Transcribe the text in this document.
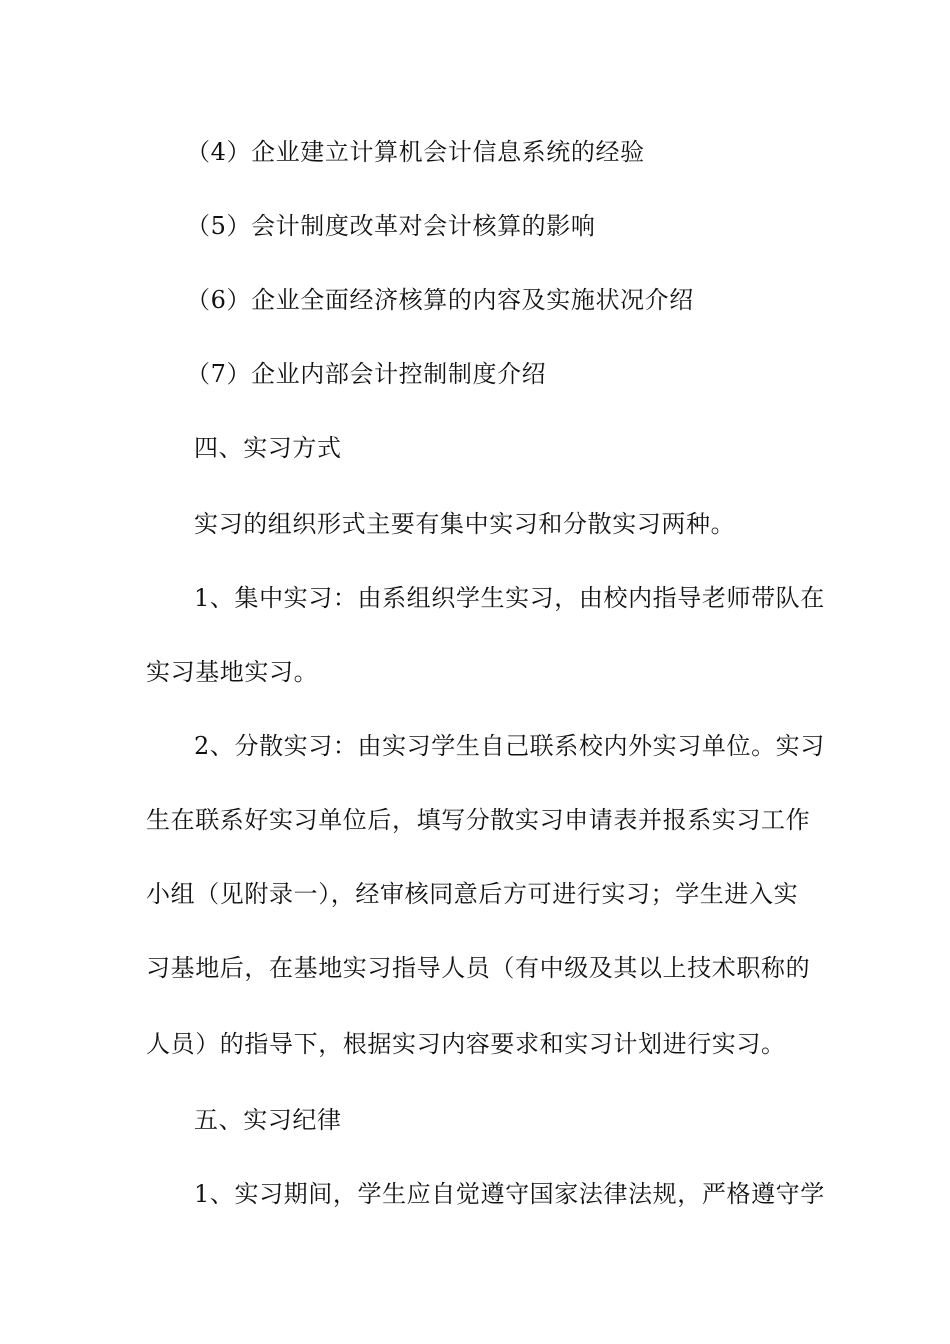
（4）企业建立计算机会计信息系统的经验
（5）会计制度改革对会计核算的影响
（6）企业全面经济核算的内容及实施状况介绍
（7）企业内部会计控制制度介绍
四、实习方式
实习的组织形式主要有集中实习和分散实习两种。
1、集中实习：由系组织学生实习，由校内指导老师带队在
实习基地实习。
2、分散实习：由实习学生自己联系校内外实习单位。实习
生在联系好实习单位后，填写分散实习申请表并报系实习工作
小组（见附录一），经审核同意后方可进行实习；学生进入实
习基地后，在基地实习指导人员（有中级及其以上技术职称的
人员）的指导下，根据实习内容要求和实习计划进行实习。
五、实习纪律
1、实习期间，学生应自觉遵守国家法律法规，严格遵守学
